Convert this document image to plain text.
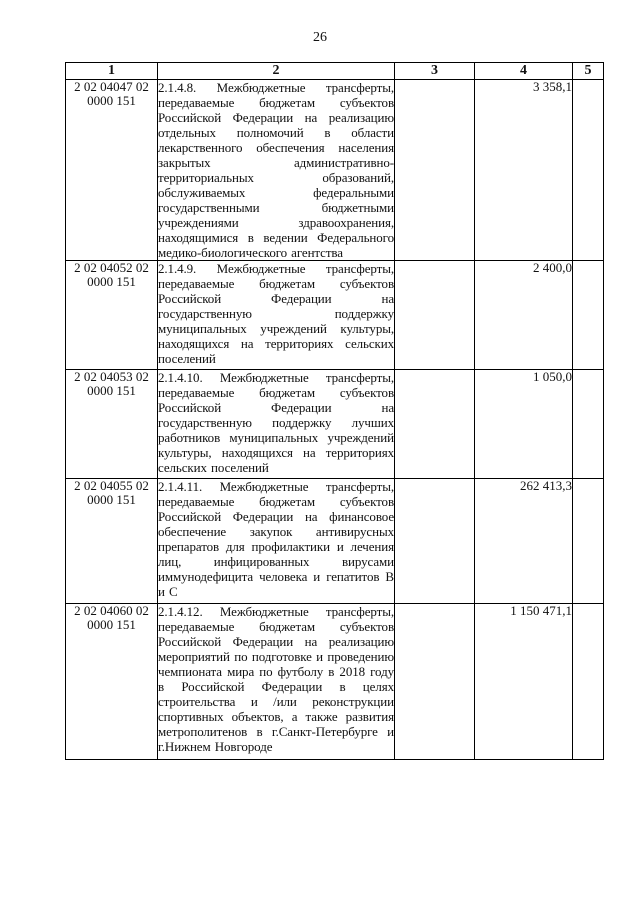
26
1	2	3	4	5
2 02 04047 02 0000 151	2.1.4.8. Межбюджетные трансферты, передаваемые бюджетам субъектов Российской Федерации на реализацию отдельных полномочий в области лекарственного обеспечения населения закрытых административно-территориальных образований, обслуживаемых федеральными государственными бюджетными учреждениями здравоохранения, находящимися в ведении Федерального медико-биологического агентства		3 358,1	
2 02 04052 02 0000 151	2.1.4.9. Межбюджетные трансферты, передаваемые бюджетам субъектов Российской Федерации на государственную поддержку муниципальных учреждений культуры, находящихся на территориях сельских поселений		2 400,0	
2 02 04053 02 0000 151	2.1.4.10. Межбюджетные трансферты, передаваемые бюджетам субъектов Российской Федерации на государственную поддержку лучших работников муниципальных учреждений культуры, находящихся на территориях сельских поселений		1 050,0	
2 02 04055 02 0000 151	2.1.4.11. Межбюджетные трансферты, передаваемые бюджетам субъектов Российской Федерации на финансовое обеспечение закупок антивирусных препаратов для профилактики и лечения лиц, инфицированных вирусами иммунодефицита человека и гепатитов В и С		262 413,3	
2 02 04060 02 0000 151	2.1.4.12. Межбюджетные трансферты, передаваемые бюджетам субъектов Российской Федерации на реализацию мероприятий по подготовке и проведению чемпионата мира по футболу в 2018 году в Российской Федерации в целях строительства и /или реконструкции спортивных объектов, а также развития метрополитенов в г.Санкт-Петербурге и г.Нижнем Новгороде		1 150 471,1	
